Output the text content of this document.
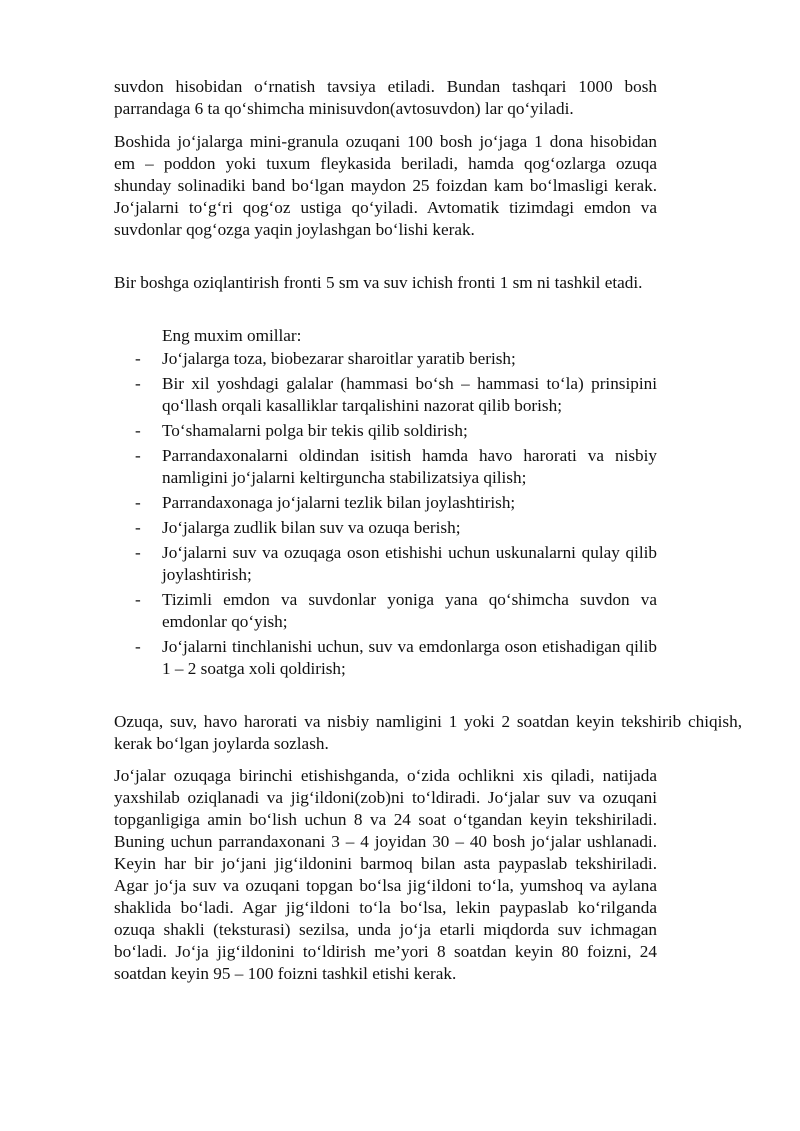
suvdon hisobidan o‘rnatish tavsiya etiladi. Bundan tashqari 1000 bosh parrandaga 6 ta qo‘shimcha minisuvdon(avtosuvdon) lar qo‘yiladi.

Boshida jo‘jalarga mini-granula ozuqani 100 bosh jo‘jaga 1 dona hisobidan em – poddon yoki tuxum fleykasida beriladi, hamda qog‘ozlarga ozuqa shunday solinadiki band bo‘lgan maydon 25 foizdan kam bo‘lmasligi kerak. Jo‘jalarni to‘g‘ri qog‘oz ustiga qo‘yiladi. Avtomatik tizimdagi emdon va suvdonlar qog‘ozga yaqin joylashgan bo‘lishi kerak.

Bir boshga oziqlantirish fronti 5 sm va suv ichish fronti 1 sm ni tashkil etadi.

Eng muxim omillar:

- Jo‘jalarga toza, biobezarar sharoitlar yaratib berish;
- Bir xil yoshdagi galalar (hammasi bo‘sh – hammasi to‘la) prinsipini qo‘llash orqali kasalliklar tarqalishini nazorat qilib borish;
- To‘shamalarni polga bir tekis qilib soldirish;
- Parrandaxonalarni oldindan isitish hamda havo harorati va nisbiy namligini jo‘jalarni keltirguncha stabilizatsiya qilish;
- Parrandaxonaga jo‘jalarni tezlik bilan joylashtirish;
- Jo‘jalarga zudlik bilan suv va ozuqa berish;
- Jo‘jalarni suv va ozuqaga oson etishishi uchun uskunalarni qulay qilib joylashtirish;
- Tizimli emdon va suvdonlar yoniga yana qo‘shimcha suvdon va emdonlar qo‘yish;
- Jo‘jalarni tinchlanishi uchun, suv va emdonlarga oson etishadigan qilib 1 – 2 soatga xoli qoldirish;

Ozuqa, suv, havo harorati va nisbiy namligini 1 yoki 2 soatdan keyin tekshirib chiqish, kerak bo‘lgan joylarda sozlash.

Jo‘jalar ozuqaga birinchi etishishganda, o‘zida ochlikni xis qiladi, natijada yaxshilab oziqlanadi va jig‘ildoni(zob)ni to‘ldiradi. Jo‘jalar suv va ozuqani topganligiga amin bo‘lish uchun 8 va 24 soat o‘tgandan keyin tekshiriladi. Buning uchun parrandaxonani 3 – 4 joyidan 30 – 40 bosh jo‘jalar ushlanadi. Keyin har bir jo‘jani jig‘ildonini barmoq bilan asta paypaslab tekshiriladi. Agar jo‘ja suv va ozuqani topgan bo‘lsa jig‘ildoni to‘la, yumshoq va aylana shaklida bo‘ladi. Agar jig‘ildoni to‘la bo‘lsa, lekin paypaslab ko‘rilganda ozuqa shakli (teksturasi) sezilsa, unda jo‘ja etarli miqdorda suv ichmagan bo‘ladi. Jo‘ja jig‘ildonini to‘ldirish me’yori 8 soatdan keyin 80 foizni, 24 soatdan keyin 95 – 100 foizni tashkil etishi kerak.
